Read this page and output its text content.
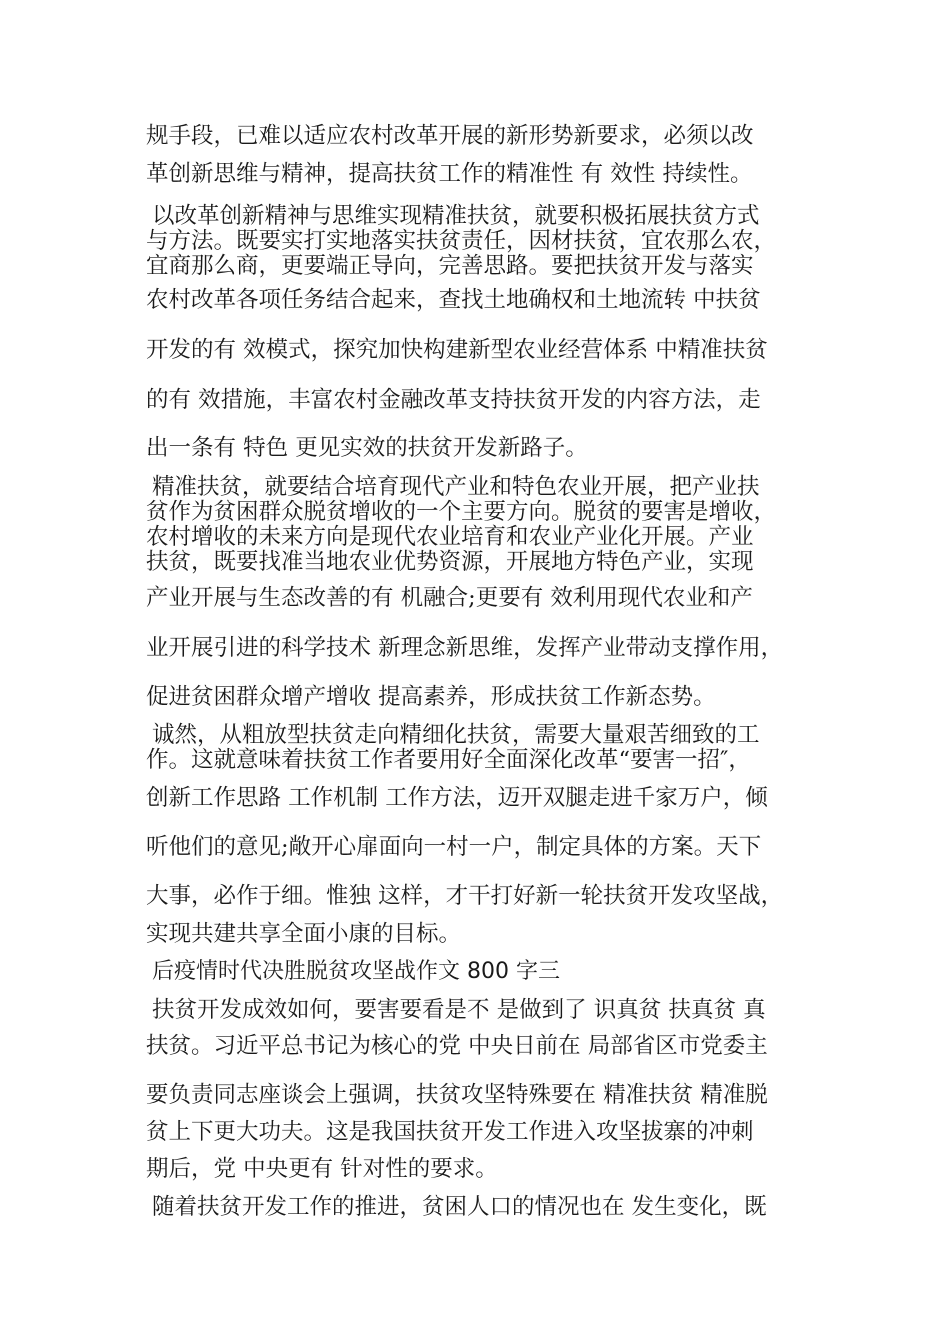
规手段，已难以适应农村改革开展的新形势新要求，必须以改
革创新思维与精神，提高扶贫工作的精准性 有 效性 持续性。
以改革创新精神与思维实现精准扶贫，就要积极拓展扶贫方式
与方法。既要实打实地落实扶贫责任，因材扶贫，宜农那么农，
宜商那么商，更要端正导向，完善思路。要把扶贫开发与落实
农村改革各项任务结合起来，查找土地确权和土地流转 中扶贫
开发的有 效模式，探究加快构建新型农业经营体系 中精准扶贫
的有 效措施，丰富农村金融改革支持扶贫开发的内容方法，走
出一条有 特色 更见实效的扶贫开发新路子。
精准扶贫，就要结合培育现代产业和特色农业开展，把产业扶
贫作为贫困群众脱贫增收的一个主要方向。脱贫的要害是增收，
农村增收的未来方向是现代农业培育和农业产业化开展。产业
扶贫，既要找准当地农业优势资源，开展地方特色产业，实现
产业开展与生态改善的有 机融合;更要有 效利用现代农业和产
业开展引进的科学技术 新理念新思维，发挥产业带动支撑作用，
促进贫困群众增产增收 提高素养，形成扶贫工作新态势。
诚然，从粗放型扶贫走向精细化扶贫，需要大量艰苦细致的工
作。这就意味着扶贫工作者要用好全面深化改革“要害一招″，
创新工作思路 工作机制 工作方法，迈开双腿走进千家万户，倾
听他们的意见;敞开心扉面向一村一户，制定具体的方案。天下
大事，必作于细。惟独 这样，才干打好新一轮扶贫开发攻坚战，
实现共建共享全面小康的目标。
后疫情时代决胜脱贫攻坚战作文 800 字三
扶贫开发成效如何，要害要看是不 是做到了 识真贫 扶真贫 真
扶贫。习近平总书记为核心的党 中央日前在 局部省区市党委主
要负责同志座谈会上强调，扶贫攻坚特殊要在 精准扶贫 精准脱
贫上下更大功夫。这是我国扶贫开发工作进入攻坚拔寨的冲刺
期后，党 中央更有 针对性的要求。
随着扶贫开发工作的推进，贫困人口的情况也在 发生变化，既
